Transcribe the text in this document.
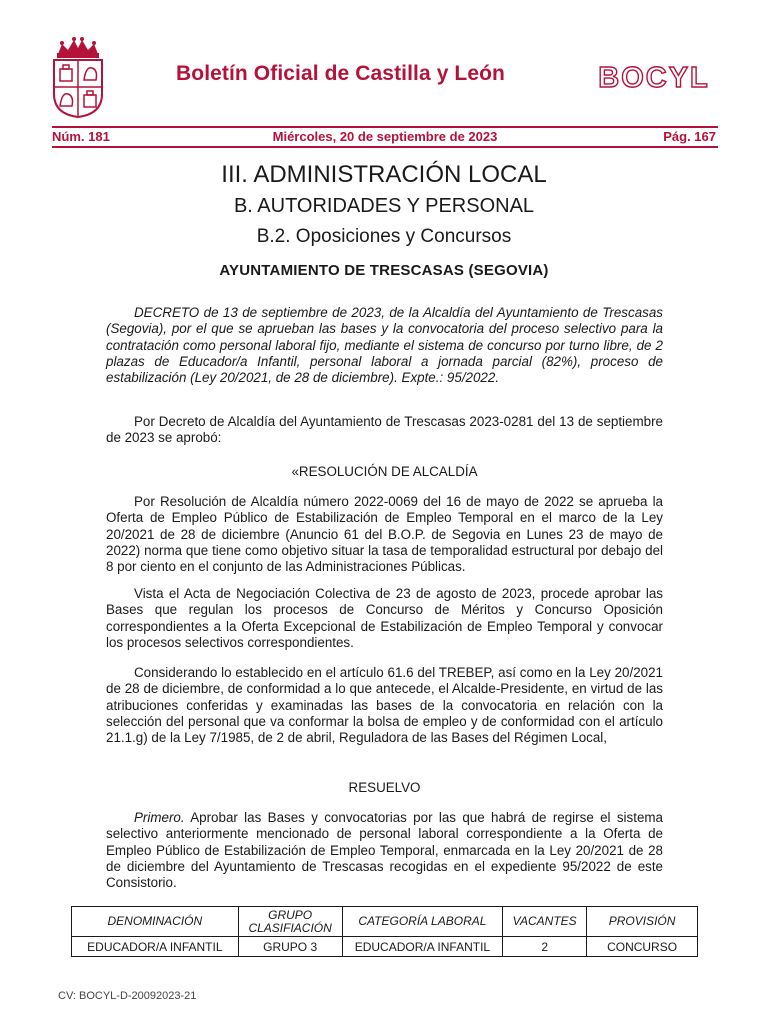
Boletín Oficial de Castilla y León	BOCYL
Núm. 181	Miércoles, 20 de septiembre de 2023	Pág. 167
III. ADMINISTRACIÓN LOCAL
B. AUTORIDADES Y PERSONAL
B.2. Oposiciones y Concursos
AYUNTAMIENTO DE TRESCASAS (SEGOVIA)
DECRETO de 13 de septiembre de 2023, de la Alcaldía del Ayuntamiento de Trescasas (Segovia), por el que se aprueban las bases y la convocatoria del proceso selectivo para la contratación como personal laboral fijo, mediante el sistema de concurso por turno libre, de 2 plazas de Educador/a Infantil, personal laboral a jornada parcial (82%), proceso de estabilización (Ley 20/2021, de 28 de diciembre). Expte.: 95/2022.
Por Decreto de Alcaldía del Ayuntamiento de Trescasas 2023-0281 del 13 de septiembre de 2023 se aprobó:
«RESOLUCIÓN DE ALCALDÍA
Por Resolución de Alcaldía número 2022-0069 del 16 de mayo de 2022 se aprueba la Oferta de Empleo Público de Estabilización de Empleo Temporal en el marco de la Ley 20/2021 de 28 de diciembre (Anuncio 61 del B.O.P. de Segovia en Lunes 23 de mayo de 2022) norma que tiene como objetivo situar la tasa de temporalidad estructural por debajo del 8 por ciento en el conjunto de las Administraciones Públicas.
Vista el Acta de Negociación Colectiva de 23 de agosto de 2023, procede aprobar las Bases que regulan los procesos de Concurso de Méritos y Concurso Oposición correspondientes a la Oferta Excepcional de Estabilización de Empleo Temporal y convocar los procesos selectivos correspondientes.
Considerando lo establecido en el artículo 61.6 del TREBEP, así como en la Ley 20/2021 de 28 de diciembre, de conformidad a lo que antecede, el Alcalde-Presidente, en virtud de las atribuciones conferidas y examinadas las bases de la convocatoria en relación con la selección del personal que va conformar la bolsa de empleo y de conformidad con el artículo 21.1.g) de la Ley 7/1985, de 2 de abril, Reguladora de las Bases del Régimen Local,
RESUELVO
Primero. Aprobar las Bases y convocatorias por las que habrá de regirse el sistema selectivo anteriormente mencionado de personal laboral correspondiente a la Oferta de Empleo Público de Estabilización de Empleo Temporal, enmarcada en la Ley 20/2021 de 28 de diciembre del Ayuntamiento de Trescasas recogidas en el expediente 95/2022 de este Consistorio.
DENOMINACIÓN	GRUPO CLASIFIACIÓN	CATEGORÍA LABORAL	VACANTES	PROVISIÓN
EDUCADOR/A INFANTIL	GRUPO 3	EDUCADOR/A INFANTIL	2	CONCURSO
CV: BOCYL-D-20092023-21
